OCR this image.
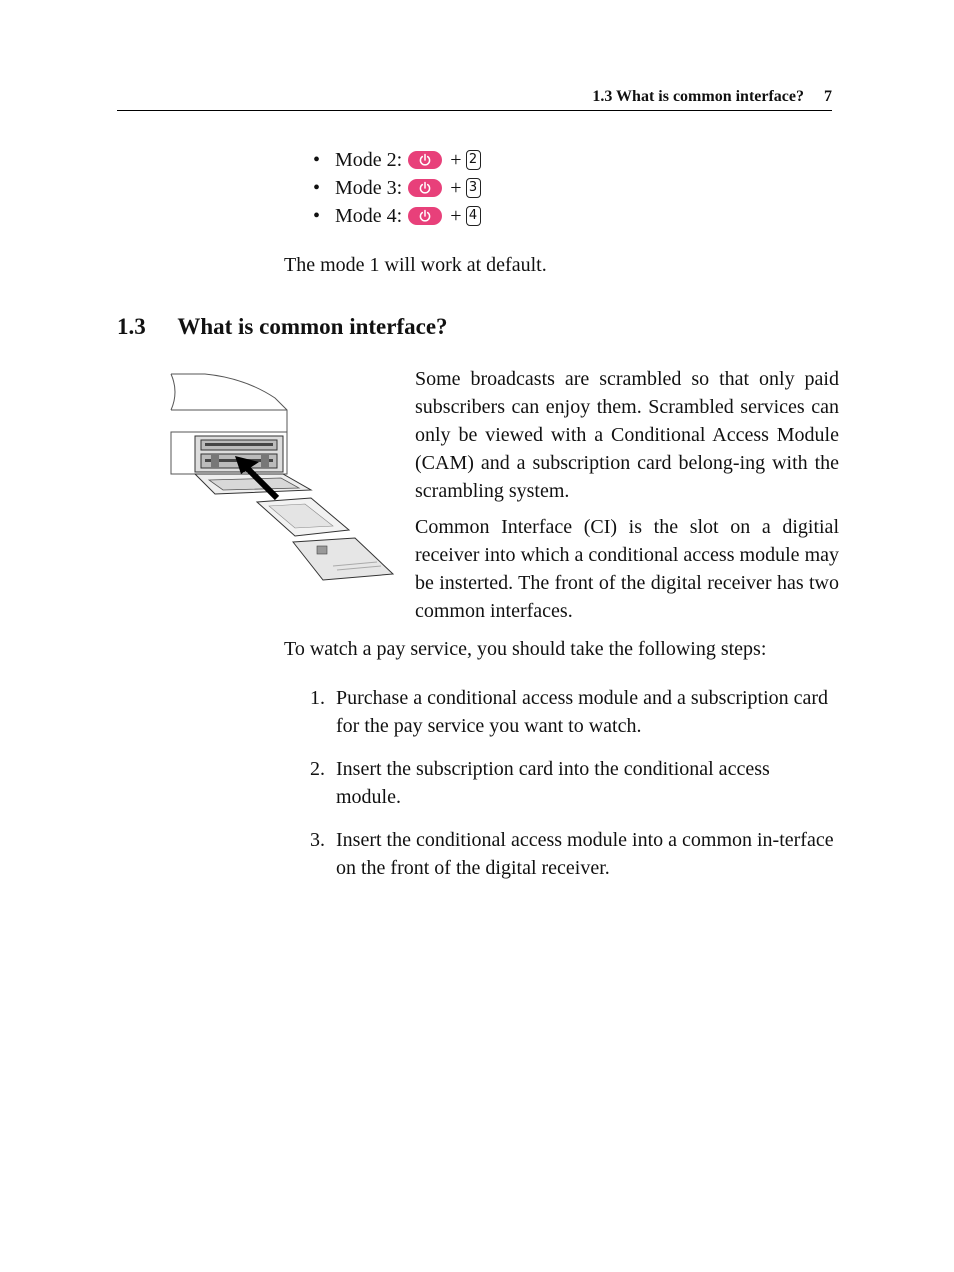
1.3 What is common interface? 7
• Mode 2: + 2
• Mode 3: + 3
• Mode 4: + 4
The mode 1 will work at default.
1.3 What is common interface?
Some broadcasts are scrambled so that only paid subscribers can enjoy them. Scrambled services can only be viewed with a Conditional Access Module (CAM) and a subscription card belong-ing with the scrambling system.
Common Interface (CI) is the slot on a digitial receiver into which a conditional access module may be insterted. The front of the digital receiver has two common interfaces.
To watch a pay service, you should take the following steps:
1. Purchase a conditional access module and a subscription card for the pay service you want to watch.
2. Insert the subscription card into the conditional access module.
3. Insert the conditional access module into a common in-terface on the front of the digital receiver.
